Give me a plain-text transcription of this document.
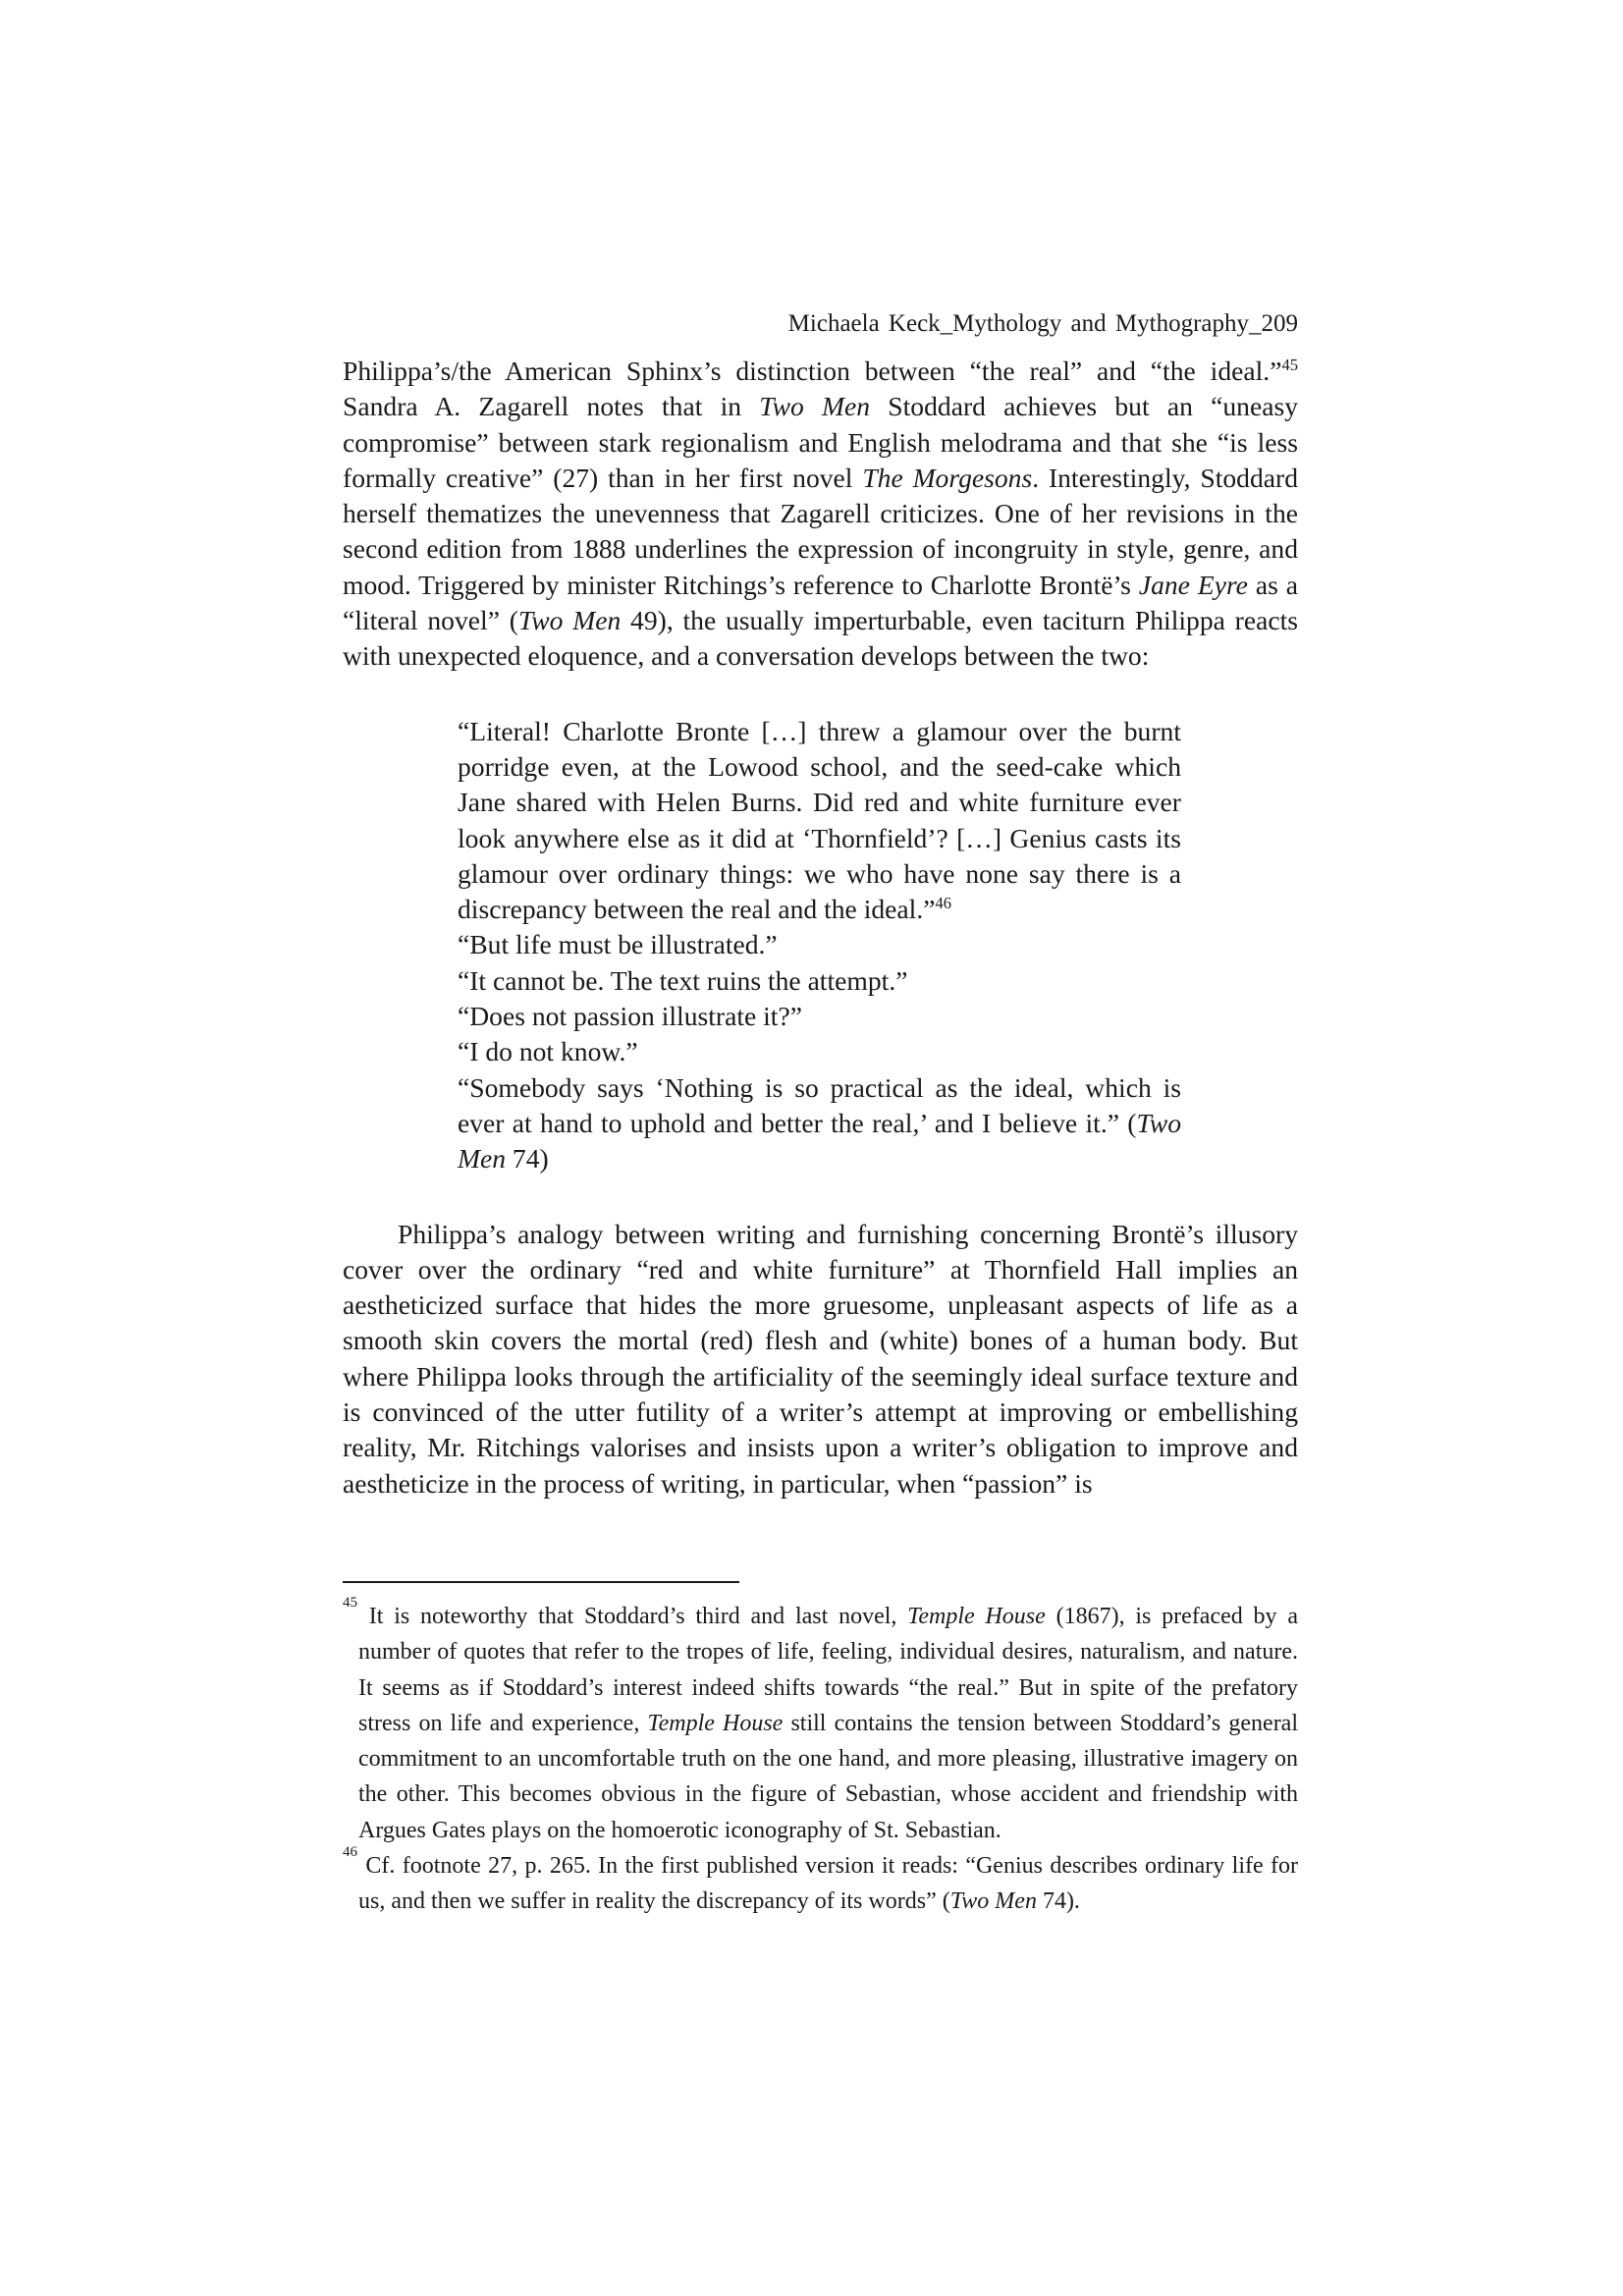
Michaela Keck_Mythology and Mythography_209

Philippa’s/the American Sphinx’s distinction between “the real” and “the ideal.”$^{45}$ Sandra A. Zagarell notes that in Two Men Stoddard achieves but an “uneasy compromise” between stark regionalism and English melodrama and that she “is less formally creative” (27) than in her first novel The Morgesons. Interestingly, Stoddard herself thematizes the unevenness that Zagarell criticizes. One of her revisions in the second edition from 1888 underlines the expression of incongruity in style, genre, and mood. Triggered by minister Ritchings’s reference to Charlotte Brontë’s Jane Eyre as a “literal novel” (Two Men 49), the usually imperturbable, even taciturn Philippa reacts with unexpected eloquence, and a conversation develops between the two:

“Literal! Charlotte Bronte […] threw a glamour over the burnt porridge even, at the Lowood school, and the seed-cake which Jane shared with Helen Burns. Did red and white furniture ever look anywhere else as it did at ‘Thornfield’? […] Genius casts its glamour over ordinary things: we who have none say there is a discrepancy between the real and the ideal.”$^{46}$

“But life must be illustrated.”

“It cannot be. The text ruins the attempt.”

“Does not passion illustrate it?”

“I do not know.”

“Somebody says ‘Nothing is so practical as the ideal, which is ever at hand to uphold and better the real,’ and I believe it.” (Two Men 74)

Philippa’s analogy between writing and furnishing concerning Brontë’s illusory cover over the ordinary “red and white furniture” at Thornfield Hall implies an aestheticized surface that hides the more gruesome, unpleasant aspects of life as a smooth skin covers the mortal (red) flesh and (white) bones of a human body. But where Philippa looks through the artificiality of the seemingly ideal surface texture and is convinced of the utter futility of a writer’s attempt at improving or embellishing reality, Mr. Ritchings valorises and insists upon a writer’s obligation to improve and aestheticize in the process of writing, in particular, when “passion” is

45
It is noteworthy that Stoddard’s third and last novel, Temple House (1867), is prefaced by a number of quotes that refer to the tropes of life, feeling, individual desires, naturalism, and nature. It seems as if Stoddard’s interest indeed shifts towards “the real.” But in spite of the prefatory stress on life and experience, Temple House still contains the tension between Stoddard’s general commitment to an uncomfortable truth on the one hand, and more pleasing, illustrative imagery on the other. This becomes obvious in the figure of Sebastian, whose accident and friendship with Argues Gates plays on the homoerotic iconography of St. Sebastian.

46
Cf. footnote 27, p. 265. In the first published version it reads: “Genius describes ordinary life for us, and then we suffer in reality the discrepancy of its words” (Two Men 74).
